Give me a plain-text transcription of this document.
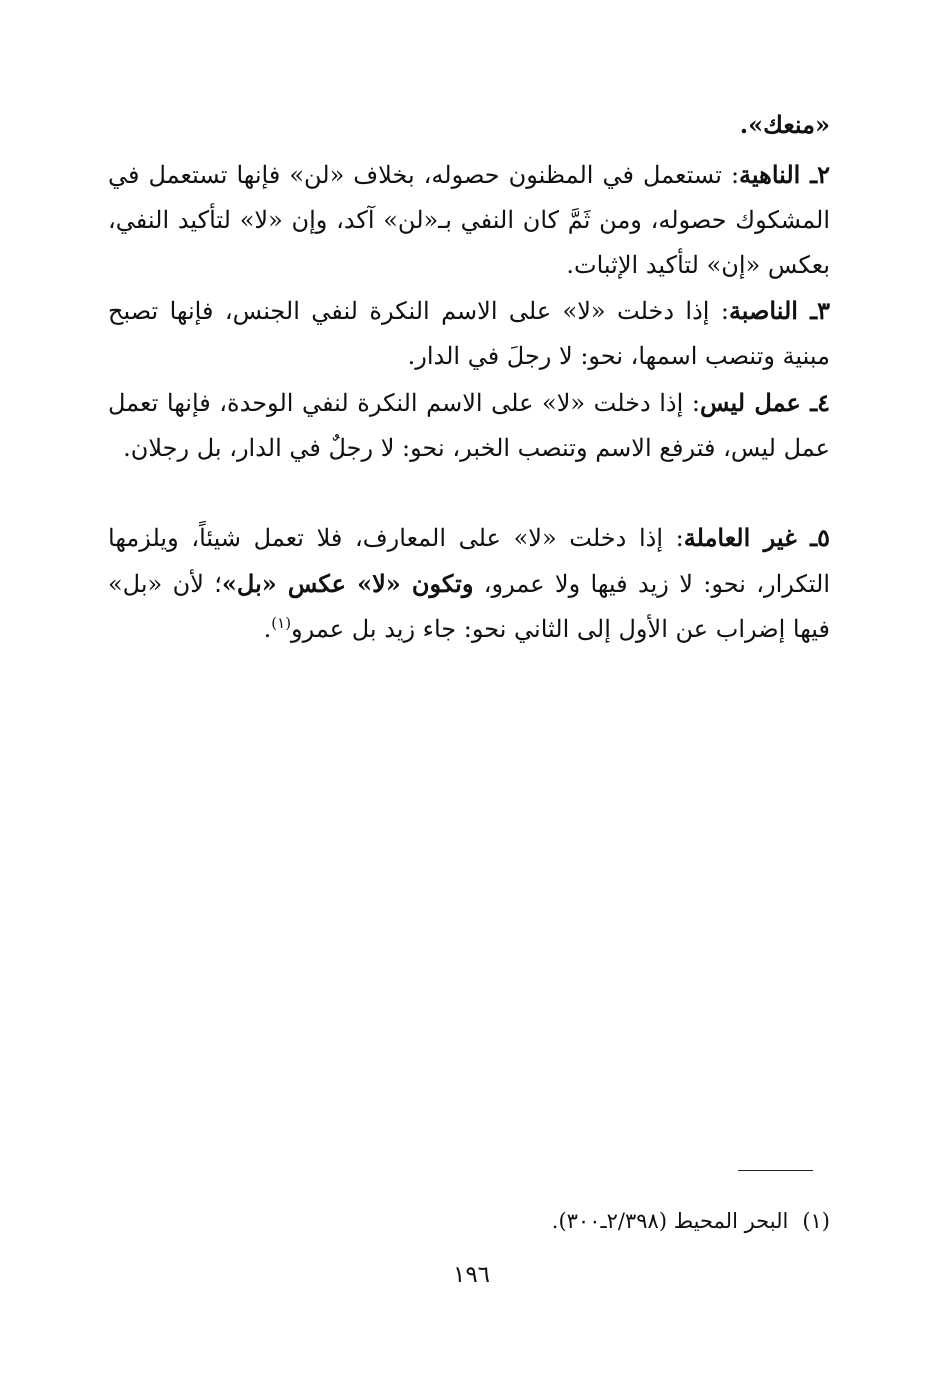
«منعك».
٢ـ الناهية: تستعمل في المظنون حصوله، بخلاف «لن» فإنها تستعمل في المشكوك حصوله، ومن ثَمَّ كان النفي بـ«لن» آكد، وإن «لا» لتأكيد النفي، بعكس «إن» لتأكيد الإثبات.
٣ـ الناصبة: إذا دخلت «لا» على الاسم النكرة لنفي الجنس، فإنها تصبح مبنية وتنصب اسمها، نحو: لا رجلَ في الدار.
٤ـ عمل ليس: إذا دخلت «لا» على الاسم النكرة لنفي الوحدة، فإنها تعمل عمل ليس، فترفع الاسم وتنصب الخبر، نحو: لا رجلٌ في الدار، بل رجلان.
٥ـ غير العاملة: إذا دخلت «لا» على المعارف، فلا تعمل شيئاً، ويلزمها التكرار، نحو: لا زيد فيها ولا عمرو، وتكون «لا» عكس «بل»؛ لأن «بل» فيها إضراب عن الأول إلى الثاني نحو: جاء زيد بل عمرو$^{(١)}$.
(١)البحر المحيط (٢/٣٩٨ـ٣٠٠).
١٩٦
